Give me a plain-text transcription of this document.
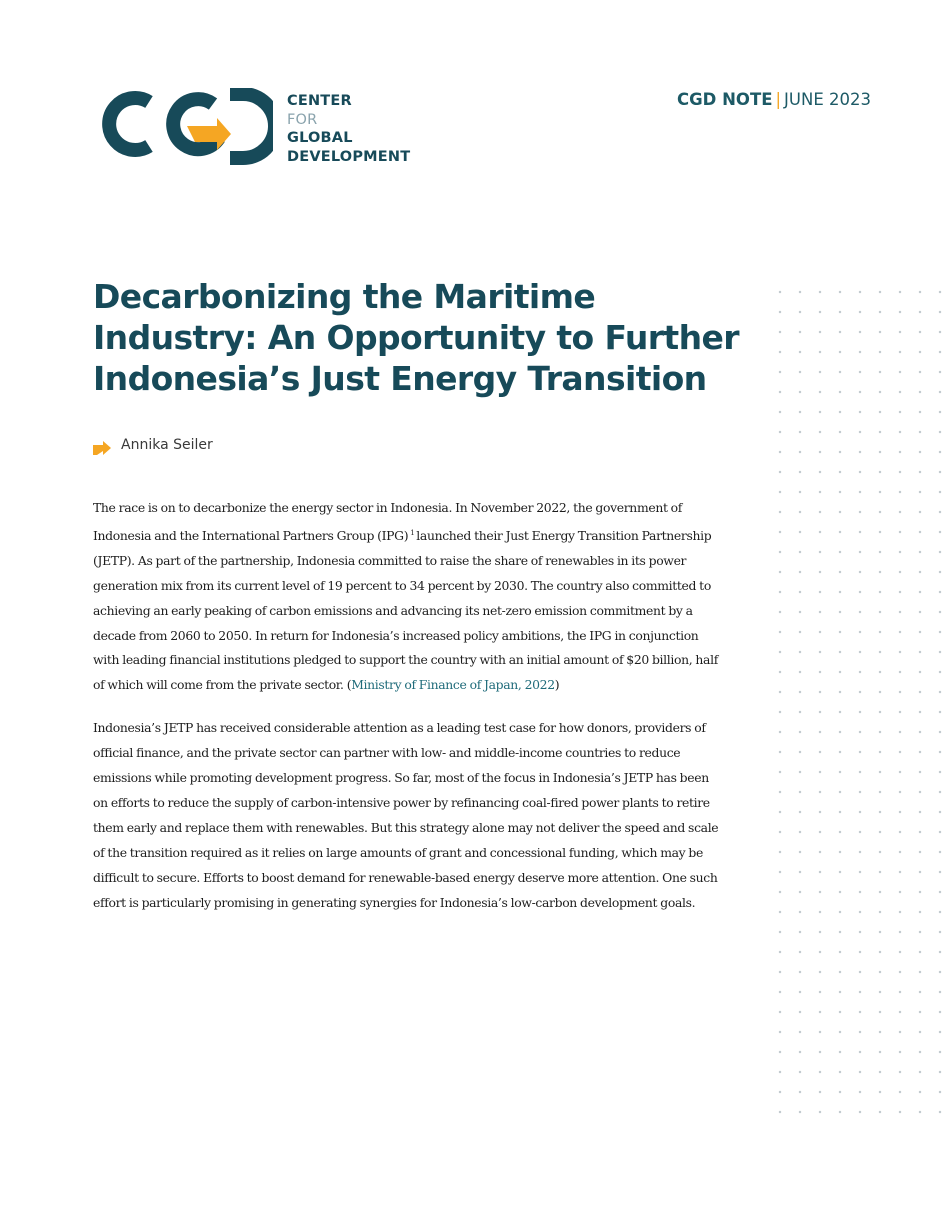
CENTER
FOR
GLOBAL
DEVELOPMENT
CGD NOTE | JUNE 2023
Decarbonizing the Maritime Industry: An Opportunity to Further Indonesia’s Just Energy Transition
Annika Seiler

The race is on to decarbonize the energy sector in Indonesia. In November 2022, the government of Indonesia and the International Partners Group (IPG) $^1$ launched their Just Energy Transition Partnership (JETP). As part of the partnership, Indonesia committed to raise the share of renewables in its power generation mix from its current level of 19 percent to 34 percent by 2030. The country also committed to achieving an early peaking of carbon emissions and advancing its net-zero emission commitment by a decade from 2060 to 2050. In return for Indonesia’s increased policy ambitions, the IPG in conjunction with leading financial institutions pledged to support the country with an initial amount of $20 billion, half of which will come from the private sector. (Ministry of Finance of Japan, 2022)

Indonesia’s JETP has received considerable attention as a leading test case for how donors, providers of official finance, and the private sector can partner with low- and middle-income countries to reduce emissions while promoting development progress. So far, most of the focus in Indonesia’s JETP has been on efforts to reduce the supply of carbon-intensive power by refinancing coal-fired power plants to retire them early and replace them with renewables. But this strategy alone may not deliver the speed and scale of the transition required as it relies on large amounts of grant and concessional funding, which may be difficult to secure. Efforts to boost demand for renewable-based energy deserve more attention. One such effort is particularly promising in generating synergies for Indonesia’s low-carbon development goals.
